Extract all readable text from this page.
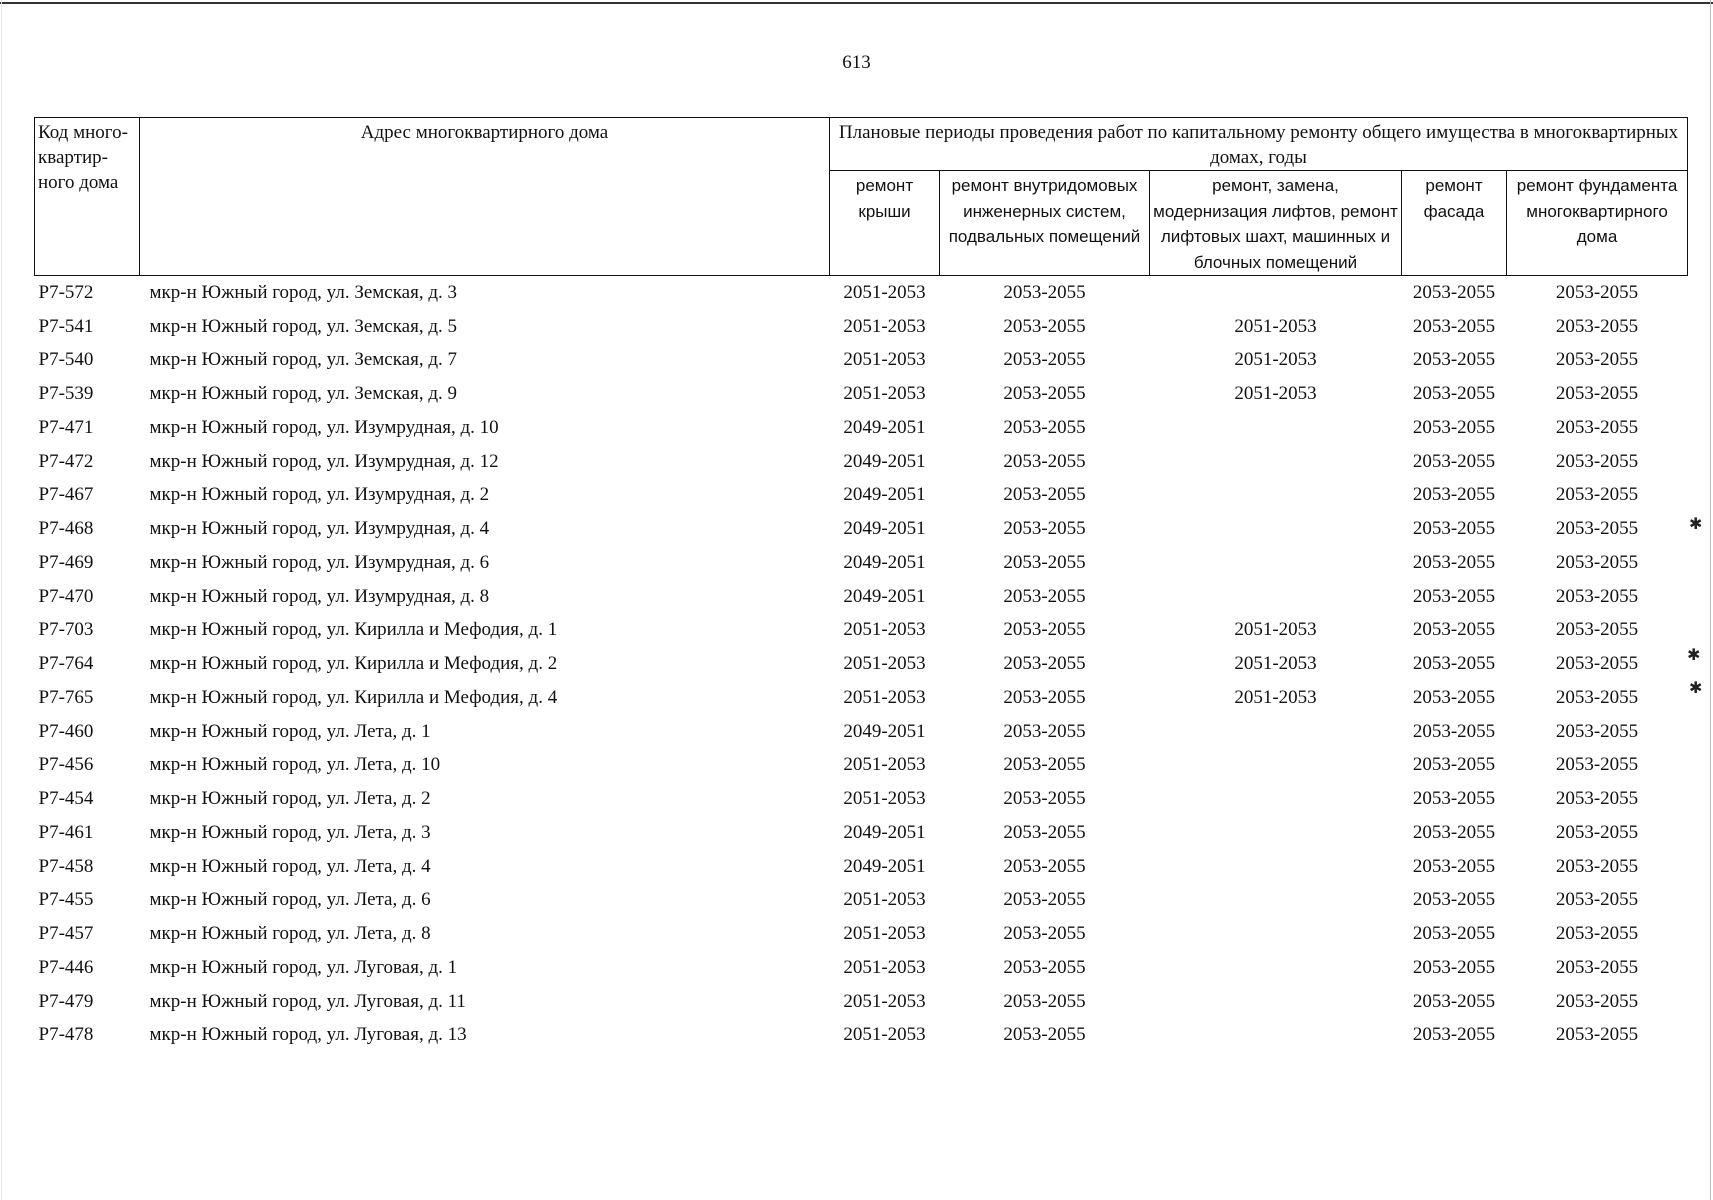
613
Код много-квартир-ного дома	Адрес многоквартирного дома	Плановые периоды проведения работ по капитальному ремонту общего имущества в многоквартирных домах, годы				
		ремонт крыши	ремонт внутридомовых инженерных систем, подвальных помещений	ремонт, замена, модернизация лифтов, ремонт лифтовых шахт, машинных и блочных помещений	ремонт фасада	ремонт фундамента многоквартирного дома
P7-572	мкр-н Южный город, ул. Земская, д. 3	2051-2053	2053-2055		2053-2055	2053-2055
P7-541	мкр-н Южный город, ул. Земская, д. 5	2051-2053	2053-2055	2051-2053	2053-2055	2053-2055
P7-540	мкр-н Южный город, ул. Земская, д. 7	2051-2053	2053-2055	2051-2053	2053-2055	2053-2055
P7-539	мкр-н Южный город, ул. Земская, д. 9	2051-2053	2053-2055	2051-2053	2053-2055	2053-2055
P7-471	мкр-н Южный город, ул. Изумрудная, д. 10	2049-2051	2053-2055		2053-2055	2053-2055
P7-472	мкр-н Южный город, ул. Изумрудная, д. 12	2049-2051	2053-2055		2053-2055	2053-2055
P7-467	мкр-н Южный город, ул. Изумрудная, д. 2	2049-2051	2053-2055		2053-2055	2053-2055
P7-468	мкр-н Южный город, ул. Изумрудная, д. 4	2049-2051	2053-2055		2053-2055	2053-2055
P7-469	мкр-н Южный город, ул. Изумрудная, д. 6	2049-2051	2053-2055		2053-2055	2053-2055
P7-470	мкр-н Южный город, ул. Изумрудная, д. 8	2049-2051	2053-2055		2053-2055	2053-2055
P7-703	мкр-н Южный город, ул. Кирилла и Мефодия, д. 1	2051-2053	2053-2055	2051-2053	2053-2055	2053-2055
P7-764	мкр-н Южный город, ул. Кирилла и Мефодия, д. 2	2051-2053	2053-2055	2051-2053	2053-2055	2053-2055
P7-765	мкр-н Южный город, ул. Кирилла и Мефодия, д. 4	2051-2053	2053-2055	2051-2053	2053-2055	2053-2055
P7-460	мкр-н Южный город, ул. Лета, д. 1	2049-2051	2053-2055		2053-2055	2053-2055
P7-456	мкр-н Южный город, ул. Лета, д. 10	2051-2053	2053-2055		2053-2055	2053-2055
P7-454	мкр-н Южный город, ул. Лета, д. 2	2051-2053	2053-2055		2053-2055	2053-2055
P7-461	мкр-н Южный город, ул. Лета, д. 3	2049-2051	2053-2055		2053-2055	2053-2055
P7-458	мкр-н Южный город, ул. Лета, д. 4	2049-2051	2053-2055		2053-2055	2053-2055
P7-455	мкр-н Южный город, ул. Лета, д. 6	2051-2053	2053-2055		2053-2055	2053-2055
P7-457	мкр-н Южный город, ул. Лета, д. 8	2051-2053	2053-2055		2053-2055	2053-2055
P7-446	мкр-н Южный город, ул. Луговая, д. 1	2051-2053	2053-2055		2053-2055	2053-2055
P7-479	мкр-н Южный город, ул. Луговая, д. 11	2051-2053	2053-2055		2053-2055	2053-2055
P7-478	мкр-н Южный город, ул. Луговая, д. 13	2051-2053	2053-2055		2053-2055	2053-2055
✱
✱
✱
